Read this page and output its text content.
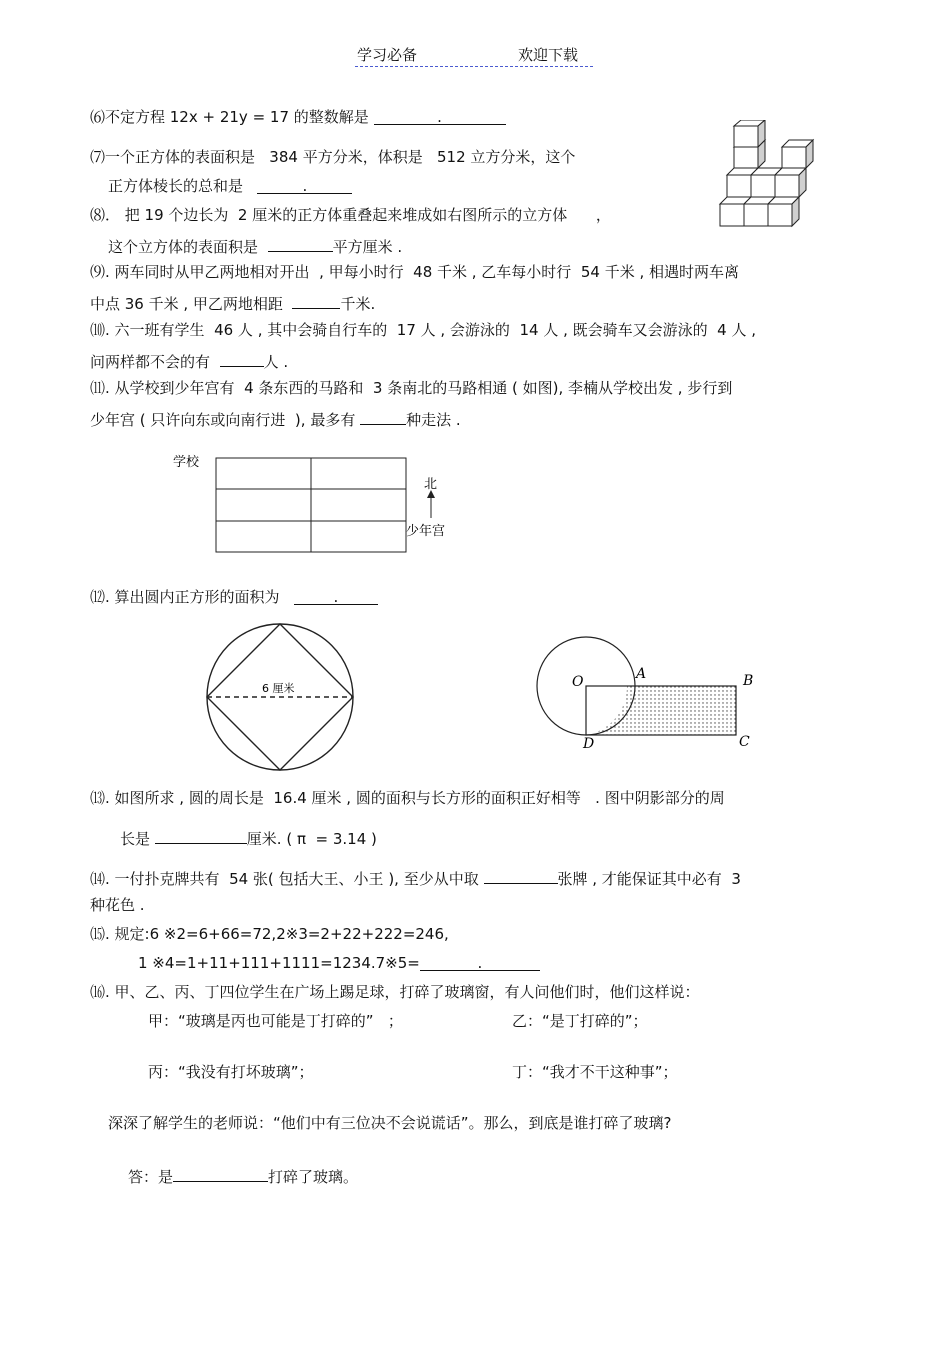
学习必备	欢迎下载
⑹不定方程 12x + 21y = 17 的整数解是	.
⑺一个正方体的表面积是   384 平方分米，体积是   512 立方分米，这个
正方体棱长的总和是	.
⑻． 把 19 个边长为  2 厘米的正方体重叠起来堆成如右图所示的立方体      ，
这个立方体的表面积是	平方厘米 .
⑼. 两车同时从甲乙两地相对开出  , 甲每小时行  48 千米 , 乙车每小时行  54 千米 , 相遇时两车离
中点 36 千米 , 甲乙两地相距	千米.
⑽. 六一班有学生  46 人 , 其中会骑自行车的  17 人 , 会游泳的  14 人 , 既会骑车又会游泳的  4 人 ,
问两样都不会的有	人 .
⑾. 从学校到少年宫有  4 条东西的马路和  3 条南北的马路相通 ( 如图), 李楠从学校出发 , 步行到
少年宫 ( 只许向东或向南行进  ), 最多有	种走法 .
学校
北
少年宫
⑿. 算出圆内正方形的面积为	.
6 厘米	O	A	B
C
D
⒀. 如图所求 , 圆的周长是  16.4 厘米 , 圆的面积与长方形的面积正好相等   . 图中阴影部分的周
长是	厘米. ( π  = 3.14 )
⒁. 一付扑克牌共有  54 张( 包括大王、小王 ), 至少从中取	张牌 , 才能保证其中必有  3
种花色 .
⒂. 规定:6 ※2=6+66=72,2※3=2+22+222=246,
1 ※4=1+11+111+1111=1234.7※5=	.
⒃. 甲、乙、丙、丁四位学生在广场上踢足球，打碎了玻璃窗，有人问他们时，他们这样说：
甲：“玻璃是丙也可能是丁打碎的”   ；	乙：“是丁打碎的”；
丙：“我没有打坏玻璃”；	丁：“我才不干这种事”；
深深了解学生的老师说：“他们中有三位决不会说谎话”。那么，到底是谁打碎了玻璃?
答：是	打碎了玻璃。
